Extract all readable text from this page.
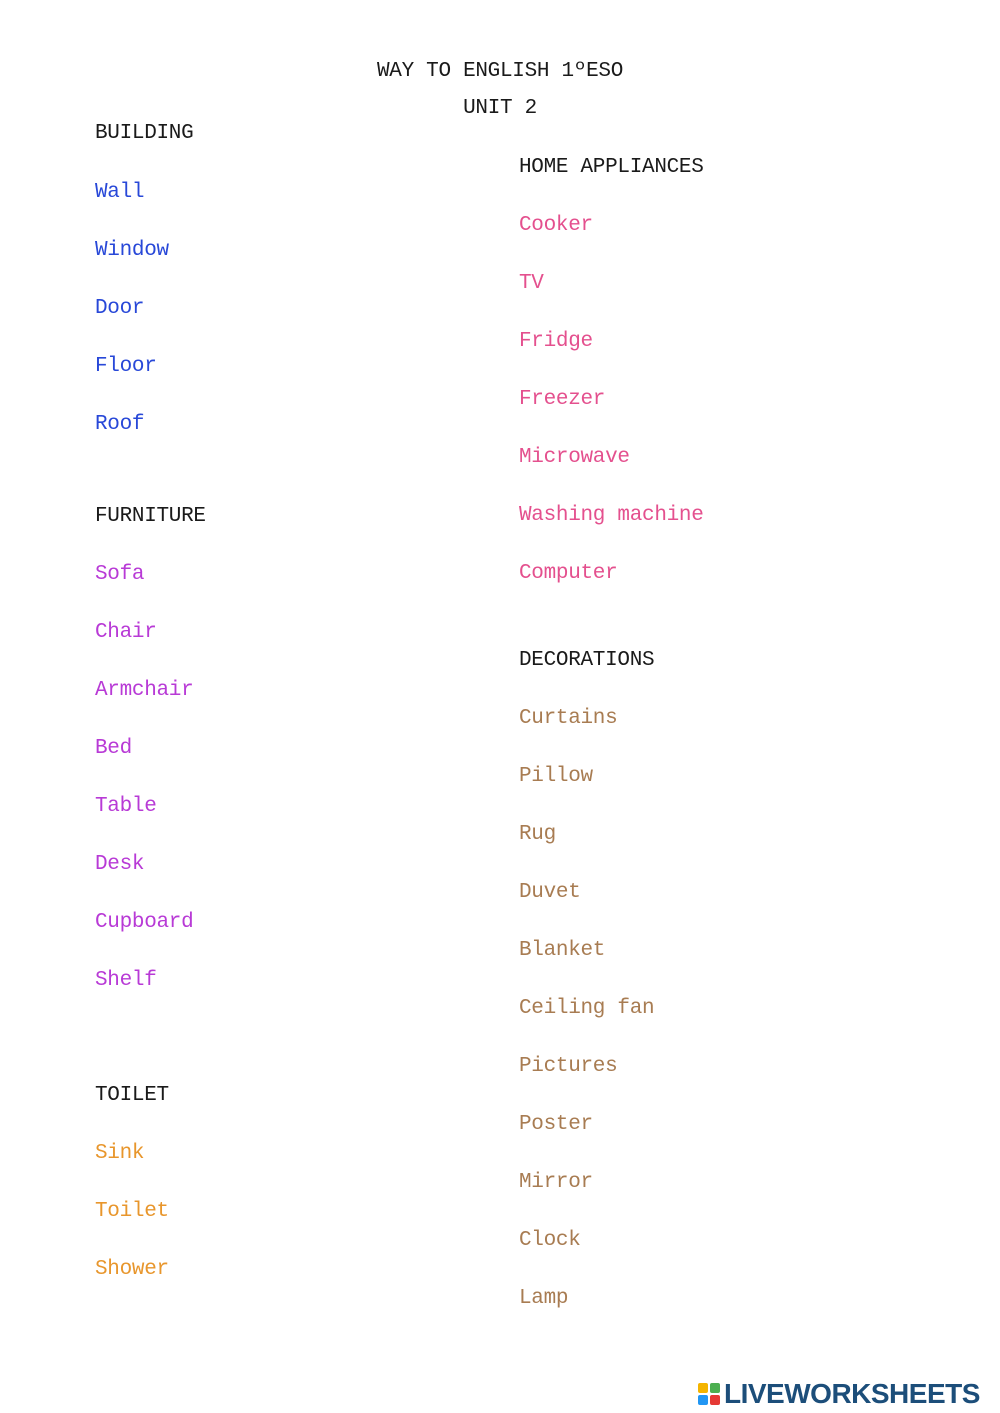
WAY TO ENGLISH 1ºESO
UNIT 2
BUILDING
Wall
Window
Door
Floor
Roof
FURNITURE
Sofa
Chair
Armchair
Bed
Table
Desk
Cupboard
Shelf
TOILET
Sink
Toilet
Shower
HOME APPLIANCES
Cooker
TV
Fridge
Freezer
Microwave
Washing machine
Computer
DECORATIONS
Curtains
Pillow
Rug
Duvet
Blanket
Ceiling fan
Pictures
Poster
Mirror
Clock
Lamp
LIVEWORKSHEETS
